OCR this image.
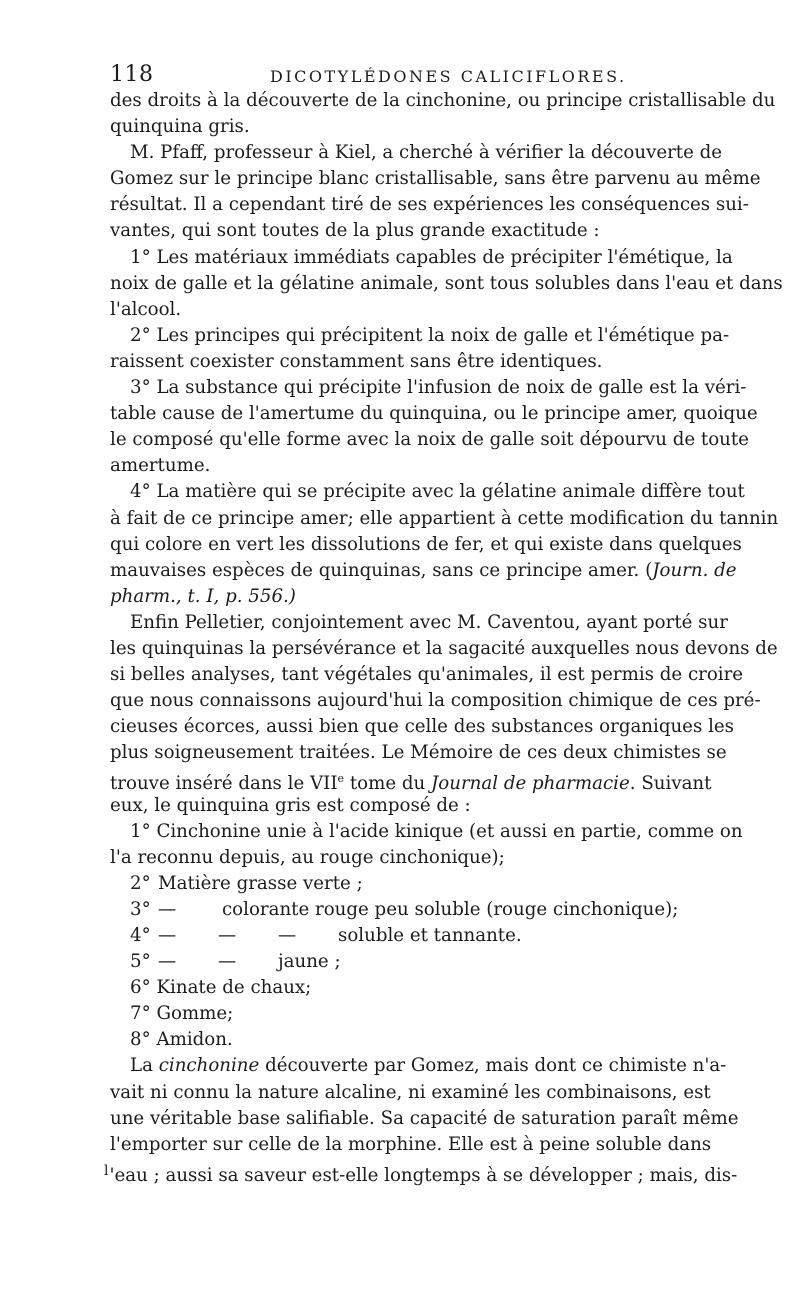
118	DICOTYLÉDONES CALICIFLORES.
des droits à la découverte de la cinchonine, ou principe cristallisable du
quinquina gris.
M. Pfaff, professeur à Kiel, a cherché à vérifier la découverte de
Gomez sur le principe blanc cristallisable, sans être parvenu au même
résultat. Il a cependant tiré de ses expériences les conséquences sui-
vantes, qui sont toutes de la plus grande exactitude :
1° Les matériaux immédiats capables de précipiter l'émétique, la
noix de galle et la gélatine animale, sont tous solubles dans l'eau et dans
l'alcool.
2° Les principes qui précipitent la noix de galle et l'émétique pa-
raissent coexister constamment sans être identiques.
3° La substance qui précipite l'infusion de noix de galle est la véri-
table cause de l'amertume du quinquina, ou le principe amer, quoique
le composé qu'elle forme avec la noix de galle soit dépourvu de toute
amertume.
4° La matière qui se précipite avec la gélatine animale diffère tout
à fait de ce principe amer; elle appartient à cette modification du tannin
qui colore en vert les dissolutions de fer, et qui existe dans quelques
mauvaises espèces de quinquinas, sans ce principe amer. (Journ. de
pharm., t. I, p. 556.)
Enfin Pelletier, conjointement avec M. Caventou, ayant porté sur
les quinquinas la persévérance et la sagacité auxquelles nous devons de
si belles analyses, tant végétales qu'animales, il est permis de croire
que nous connaissons aujourd'hui la composition chimique de ces pré-
cieuses écorces, aussi bien que celle des substances organiques les
plus soigneusement traitées. Le Mémoire de ces deux chimistes se
trouve inséré dans le VIIe tome du Journal de pharmacie. Suivant
eux, le quinquina gris est composé de :
1° Cinchonine unie à l'acide kinique (et aussi en partie, comme on
l'a reconnu depuis, au rouge cinchonique);
2° Matière grasse verte ;
3° —	colorante rouge peu soluble (rouge cinchonique);
4° — — — soluble et tannante.
5° — — jaune ;
6° Kinate de chaux;
7° Gomme;
8° Amidon.
La cinchonine découverte par Gomez, mais dont ce chimiste n'a-
vait ni connu la nature alcaline, ni examiné les combinaisons, est
une véritable base salifiable. Sa capacité de saturation paraît même
l'emporter sur celle de la morphine. Elle est à peine soluble dans
$^l$'eau ; aussi sa saveur est-elle longtemps à se développer ; mais, dis-
